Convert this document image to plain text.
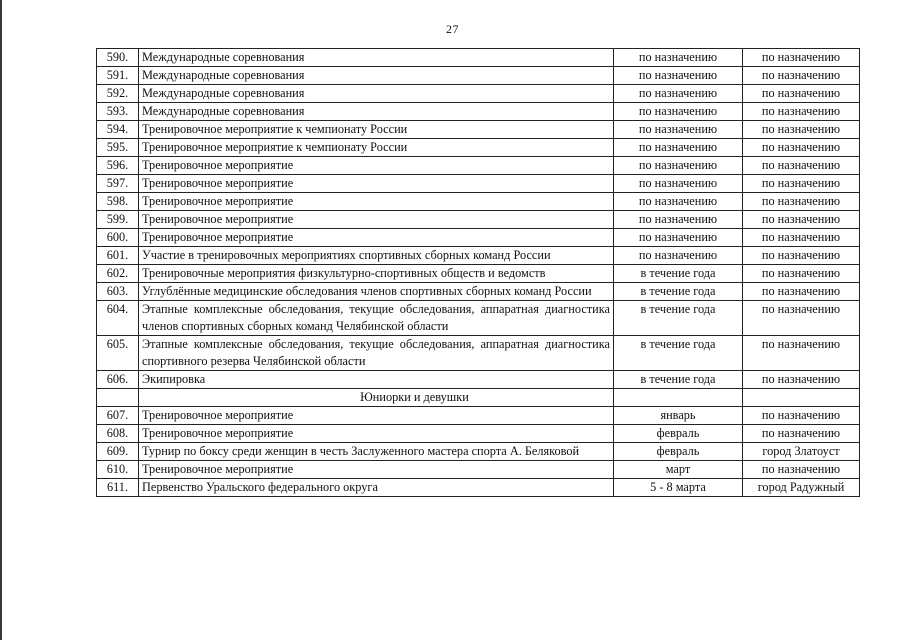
27
590.	Международные соревнования	по назначению	по назначению
591.	Международные соревнования	по назначению	по назначению
592.	Международные соревнования	по назначению	по назначению
593.	Международные соревнования	по назначению	по назначению
594.	Тренировочное мероприятие к чемпионату России	по назначению	по назначению
595.	Тренировочное мероприятие к чемпионату России	по назначению	по назначению
596.	Тренировочное мероприятие	по назначению	по назначению
597.	Тренировочное мероприятие	по назначению	по назначению
598.	Тренировочное мероприятие	по назначению	по назначению
599.	Тренировочное мероприятие	по назначению	по назначению
600.	Тренировочное мероприятие	по назначению	по назначению
601.	Участие в тренировочных мероприятиях спортивных сборных команд России	по назначению	по назначению
602.	Тренировочные мероприятия физкультурно-спортивных обществ и ведомств	в течение года	по назначению
603.	Углублённые медицинские обследования членов спортивных сборных команд России	в течение года	по назначению
604.	Этапные комплексные обследования, текущие обследования, аппаратная диагностика членов спортивных сборных команд Челябинской области	в течение года	по назначению
605.	Этапные комплексные обследования, текущие обследования, аппаратная диагностика спортивного резерва Челябинской области	в течение года	по назначению
606.	Экипировка	в течение года	по назначению
	Юниорки и девушки		
607.	Тренировочное мероприятие	январь	по назначению
608.	Тренировочное мероприятие	февраль	по назначению
609.	Турнир по боксу среди женщин в честь Заслуженного мастера спорта А. Беляковой	февраль	город Златоуст
610.	Тренировочное мероприятие	март	по назначению
611.	Первенство Уральского федерального округа	5 - 8 марта	город Радужный
